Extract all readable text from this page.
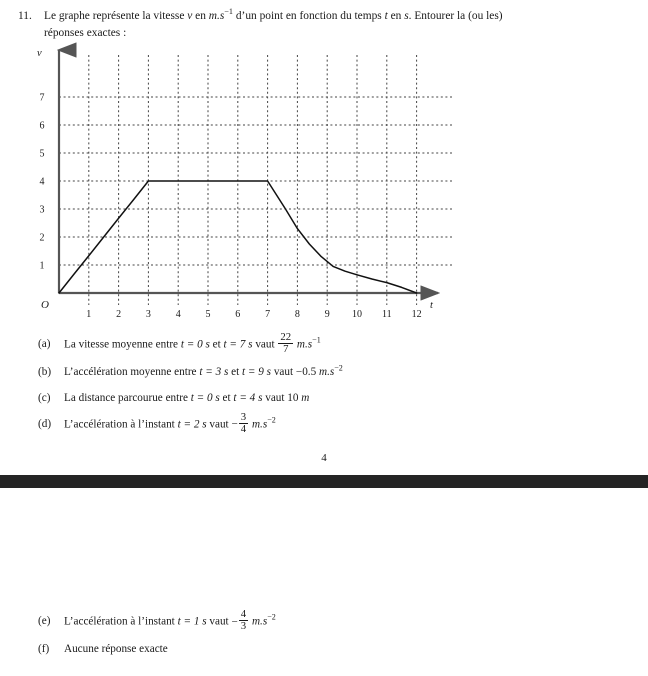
11.	Le graphe représente la vitesse v en $m.s^{-1}$ d’un point en fonction du temps t en s. Entourer la (ou les)
réponses exactes :
t
v
O
1 2 3 4 5 6 7 8 9 10 11 12
1
2
3
4
5
6
7
(a) La vitesse moyenne entre t = 0 s et t = 7 s vaut $\frac{22}{7} m.s^{-1}$
(b) L’accélération moyenne entre t = 3 s et t = 9 s vaut −0.5 $m.s^{-2}$
(c) La distance parcourue entre t = 0 s et t = 4 s vaut 10 m
(d) L’accélération à l’instant t = 2 s vaut − $\frac{3}{4} m.s^{-2}$
4
(e) L’accélération à l’instant t = 1 s vaut − $\frac{4}{3} m.s^{-2}$
(f) Aucune réponse exacte
